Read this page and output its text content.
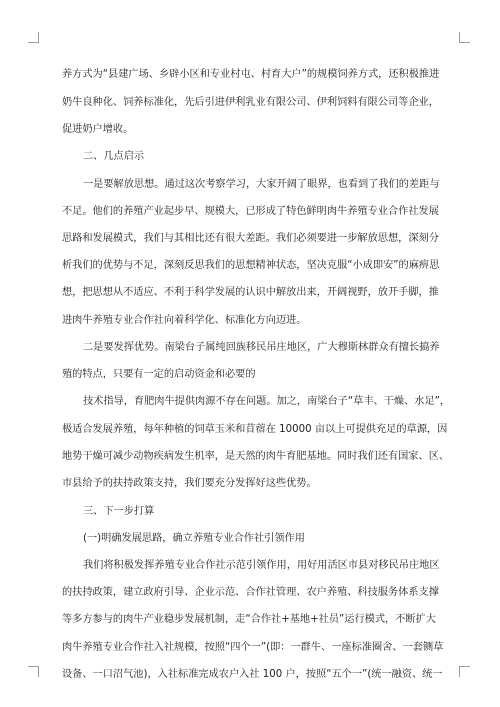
养方式为“县建广场、乡辟小区和专业村屯、村育大户”的规模饲养方式，还积极推进
奶牛良种化、饲养标准化，先后引进伊利乳业有限公司、伊利饲料有限公司等企业，
促进奶户增收。
二、几点启示
一是要解放思想。通过这次考察学习，大家开阔了眼界，也看到了我们的差距与
不足。他们的养殖产业起步早、规模大，已形成了特色鲜明肉牛养殖专业合作社发展
思路和发展模式，我们与其相比还有很大差距。我们必须要进一步解放思想，深刻分
析我们的优势与不足，深刻反思我们的思想精神状态，坚决克服“小成即安”的麻痹思
想，把思想从不适应、不利于科学发展的认识中解放出来，开阔视野，放开手脚，推
进肉牛养殖专业合作社向着科学化、标准化方向迈进。
二是要发挥优势。南梁台子属纯回族移民吊庄地区，广大穆斯林群众有擅长搞养
殖的特点，只要有一定的启动资金和必要的
技术指导，育肥肉牛提供肉源不存在问题。加之，南梁台子“草丰、干燥、水足”，
极适合发展养殖，每年种植的饲草玉米和苜蓿在 10000 亩以上可提供充足的草源，因
地势干燥可减少动物疾病发生机率，是天然的肉牛育肥基地。同时我们还有国家、区、
市县给予的扶持政策支持，我们要充分发挥好这些优势。
三、下一步打算
(一)明确发展思路，确立养殖专业合作社引领作用
我们将积极发挥养殖专业合作社示范引领作用，用好用活区市县对移民吊庄地区
的扶持政策，建立政府引导、企业示范、合作社管理、农户养殖、科技服务体系支撑
等多方参与的肉牛产业稳步发展机制，走“合作社+基地+社员”运行模式，不断扩大
肉牛养殖专业合作社入社规模，按照“四个一”(即：一群牛、一座标准圈舍、一套铡草
设备、一口沼气池)，入社标准完成农户入社 100 户，按照“五个一”(统一融资、统一
